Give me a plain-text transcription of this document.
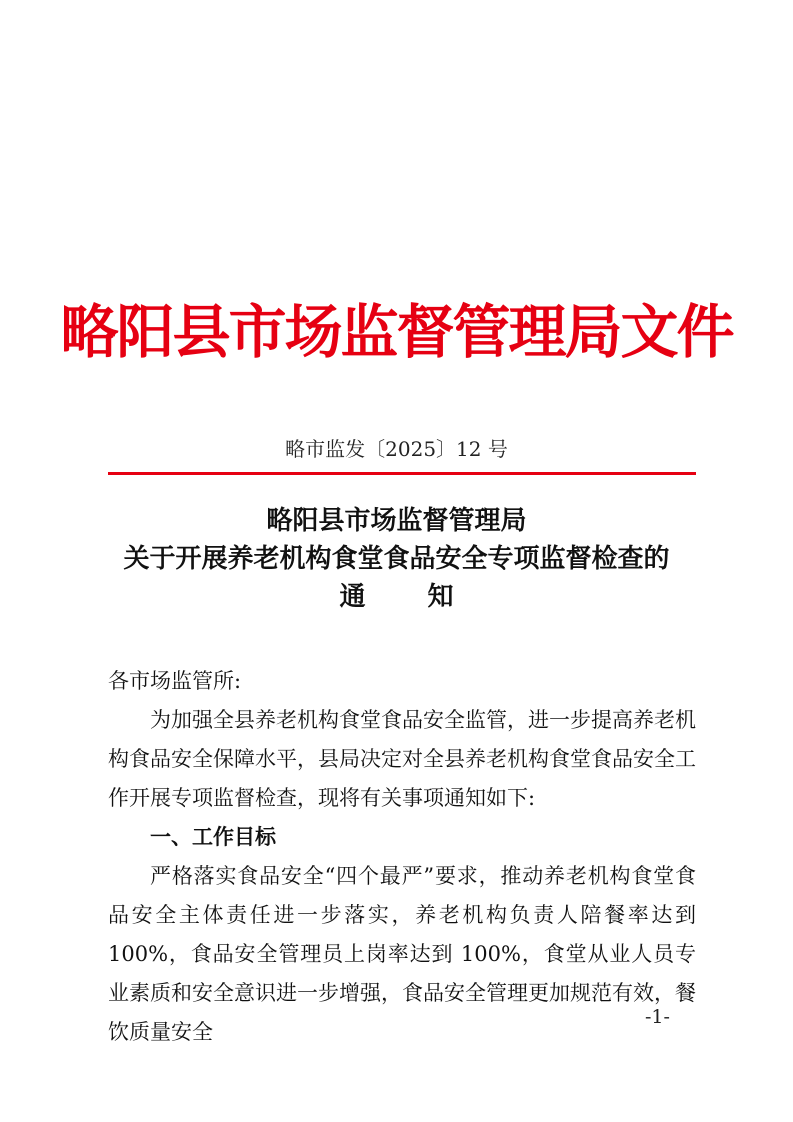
略阳县市场监督管理局文件
略市监发〔2025〕12 号
略阳县市场监督管理局
关于开展养老机构食堂食品安全专项监督检查的
通知

各市场监管所:

为加强全县养老机构食堂食品安全监管，进一步提高养老机构食品安全保障水平，县局决定对全县养老机构食堂食品安全工作开展专项监督检查，现将有关事项通知如下:

一、工作目标

严格落实食品安全“四个最严”要求，推动养老机构食堂食品安全主体责任进一步落实，养老机构负责人陪餐率达到 100%，食品安全管理员上岗率达到 100%，食堂从业人员专业素质和安全意识进一步增强，食品安全管理更加规范有效，餐饮质量安全

-1-
